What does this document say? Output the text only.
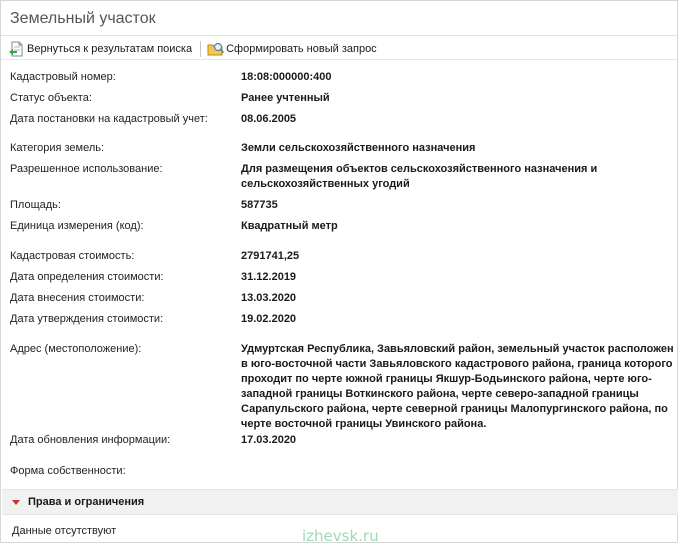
Земельный участок
Вернуться к результатам поиска	Сформировать новый запрос
Кадастровый номер:	18:08:000000:400
Статус объекта:	Ранее учтенный
Дата постановки на кадастровый учет:	08.06.2005
Категория земель:	Земли сельскохозяйственного назначения
Разрешенное использование:	Для размещения объектов сельскохозяйственного назначения и сельскохозяйственных угодий
Площадь:	587735
Единица измерения (код):	Квадратный метр
Кадастровая стоимость:	2791741,25
Дата определения стоимости:	31.12.2019
Дата внесения стоимости:	13.03.2020
Дата утверждения стоимости:	19.02.2020
Адрес (местоположение):	Удмуртская Республика, Завьяловский район, земельный участок расположен в юго-восточной части Завьяловского кадастрового района, граница которого проходит по черте южной границы Якшур-Бодьинского района, черте юго-западной границы Воткинского района, черте северо-западной границы Сарапульского района, черте северной границы Малопургинского района, по черте восточной границы Увинского района.
Дата обновления информации:	17.03.2020
Форма собственности:
Права и ограничения
Данные отсутствуют	izhevsk.ru
